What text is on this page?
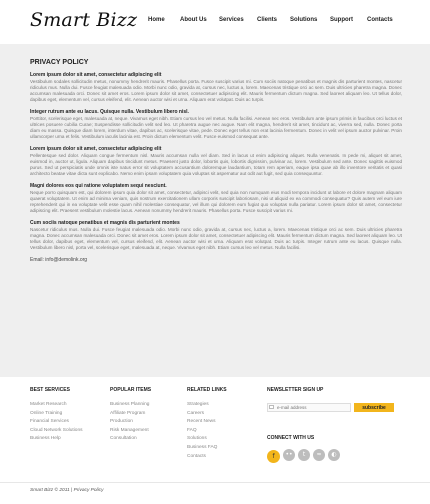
Smart Bizz Home	About Us Services Clients Solutions Support Contacts
PRIVACY POLICY

Lorem ipsum dolor sit amet, consectetur adipiscing elit

Vestibulum sodales sollicitudin metus, nonummy hendrerit mauris. Phasellus porta. Fusce suscipit varius mi. Cum sociis natoque penatibus et magnis dis parturient montes, nascetur ridiculus mus. Nulla dui. Fusce feugiat malesuada odio. Morbi nunc odio, gravida at, cursus nec, luctus a, lorem. Maecenas tristique orci ac sem. Duis ultricies pharetra magna. Donec accumsan malesuada orci. Donec sit amet eros. Lorem ipsum dolor sit amet, consectetuer adipiscing elit. Mauris fermentum dictum magna. Sed laoreet aliquam leo. Ut tellus dolor, dapibus eget, elementum vel, cursus eleifend, elit. Aenean auctor wisi et urna. Aliquam erat volutpat. Duis ac turpis.

Integer rutrum ante eu lacus. Quisque nulla. Vestibulum libero nisl.

Porttitor, scelerisque eget, malesuada at, neque. Vivamus eget nibh. Etiam cursus leo vel metus. Nulla facilisi. Aenean nec eros. Vestibulum ante ipsum primis in faucibus orci luctus et ultrices posuere cubilia Curae; Suspendisse sollicitudin velit sed leo. Ut pharetra augue nec augue. Nam elit magna, hendrerit sit amet, tincidunt ac, viverra sed, nulla. Donec porta diam eu massa. Quisque diam lorem, interdum vitae, dapibus ac, scelerisque vitae, pede. Donec eget tellus non erat lacinia fermentum. Donec in velit vel ipsum auctor pulvinar. Proin ullamcorper urna et felis. Vestibulum iaculis lacinia est. Proin dictum elementum velit. Fusce euismod consequat ante.

Lorem ipsum dolor sit amet, consectetur adipiscing elit

Pellentesque sed dolor. Aliquam congue fermentum nisl. Mauris accumsan nulla vel diam. Sed in lacus ut enim adipiscing aliquet. Nulla venenatis. In pede mi, aliquet sit amet, euismod in, auctor ut, ligula. Aliquam dapibus tincidunt metus. Praesent justo dolor, lobortis quis, lobortis dignissim, pulvinar ac, lorem. Vestibulum sed ante. Donec sagittis euismod purus. Sed ut perspiciatis unde omnis iste natus error sit voluptatem accusantium doloremque laudantium, totam rem aperiam, eaque ipsa quae ab illo inventore veritatis et quasi architecto beatae vitae dicta sunt explicabo. Nemo enim ipsam voluptatem quia voluptas sit aspernatur aut odit aut fugit, sed quia consequuntur.

Magni dolores eos qui ratione voluptatem sequi nesciunt.

Neque porro quisquam est, qui dolorem ipsum quia dolor sit amet, consectetur, adipisci velit, sed quia non numquam eius modi tempora incidunt ut labore et dolore magnam aliquam quaerat voluptatem. Ut enim ad minima veniam, quis nostrum exercitationem ullam corporis suscipit laboriosam, nisi ut aliquid ex ea commodi consequatur? Quis autem vel eum iure reprehenderit qui in ea voluptate velit esse quam nihil molestiae consequatur, vel illum qui dolorem eum fugiat quo voluptas nulla pariatur. Lorem ipsum dolor sit amet, consectetur adipiscing elit. Praesent vestibulum molestie lacus. Aenean nonummy hendrerit mauris. Phasellus porta. Fusce suscipit varius mi.

Cum sociis natoque penatibus et magnis dis parturient montes

Nascetur ridiculus mus. Nulla dui. Fusce feugiat malesuada odio. Morbi nunc odio, gravida at, cursus nec, luctus a, lorem. Maecenas tristique orci ac sem. Duis ultricies pharetra magna. Donec accumsan malesuada orci. Donec sit amet eros. Lorem ipsum dolor sit amet, consectetuer adipiscing elit. Mauris fermentum dictum magna. Sed laoreet aliquam leo. Ut tellus dolor, dapibus eget, elementum vel, cursus eleifend, elit. Aenean auctor wisi et urna. Aliquam erat volutpat. Duis ac turpis. Integer rutrum ante eu lacus. Quisque nulla. Vestibulum libero nisl, porta vel, scelerisque eget, malesuada at, neque. Vivamus eget nibh. Etiam cursus leo vel metus. Nulla facilisi.

Email: info@demolink.org
BEST SERVICES
Market Research
Online Training
Financial Services
Cloud Network Solutions
Business Help
POPULAR ITEMS
Business Planning
Affiliate Program
Production
Risk Management
Consultation
RELATED LINKS
Strategies
Careers
Recent News
FAQ
Solutions
Business FAQ
Contacts
NEWSLETTER SIGN UP
e-mail address
subscribe
CONNECT WITH US
f	••	t	≈	◐
Smart Bizz © 2011 | Privacy Policy
